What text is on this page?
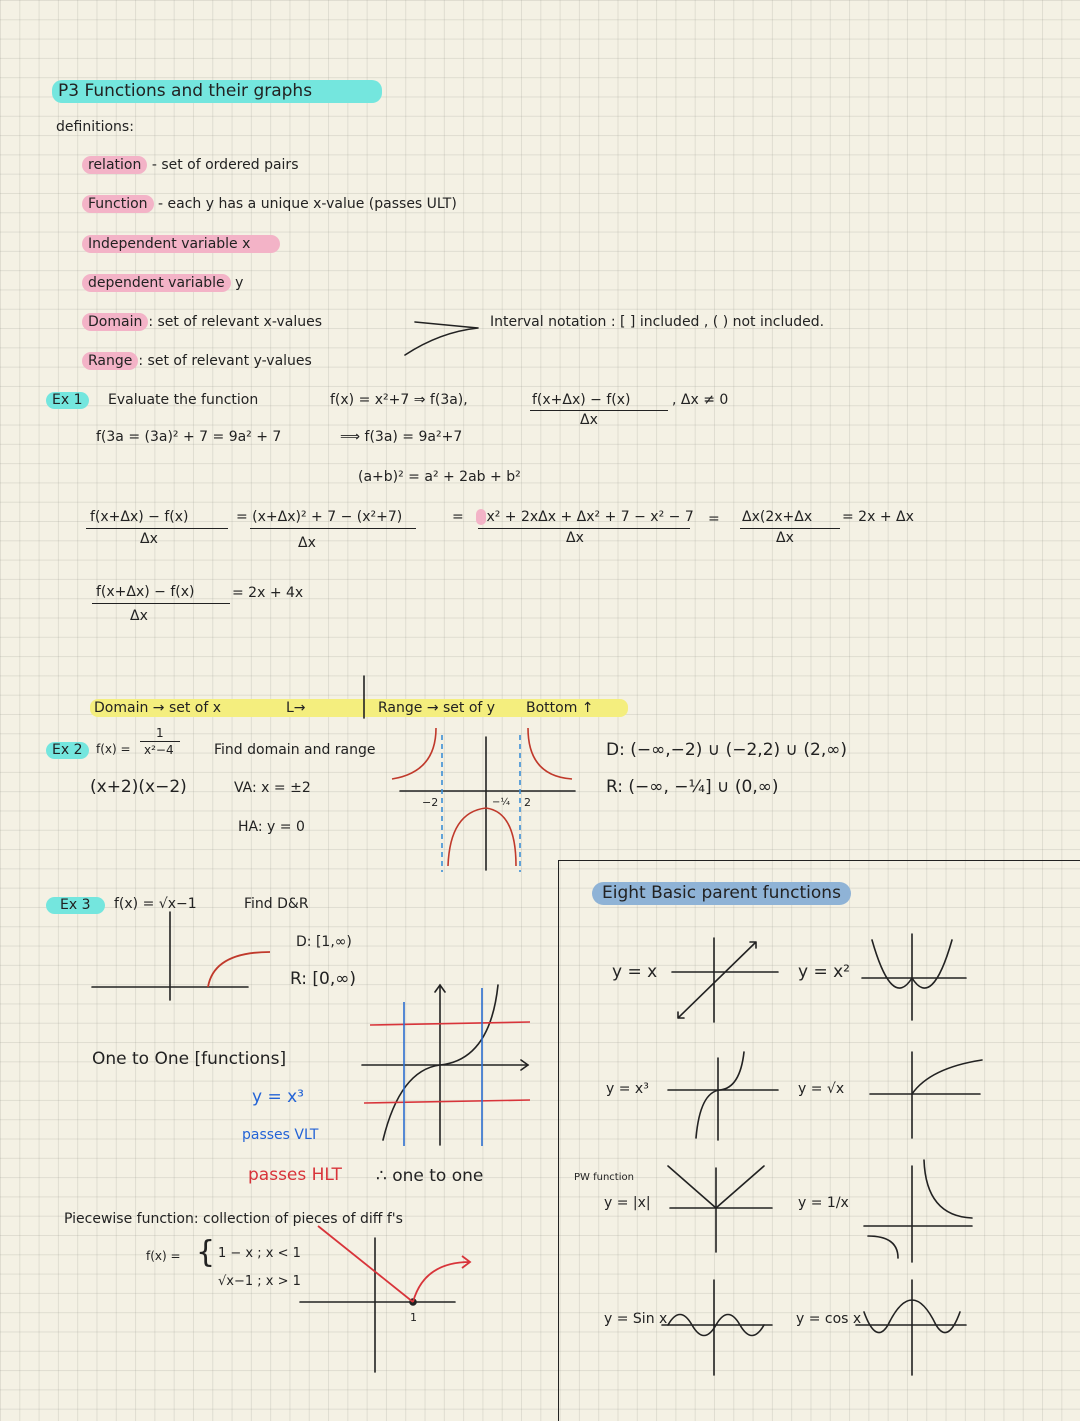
P3 Functions and their graphs
definitions:
relation - set of ordered pairs
Function - each y has a unique x-value (passes ULT)
Independent variable x
dependent variable y
Domain : set of relevant x-values
Range : set of relevant y-values
Interval notation : [ ] included , ( ) not included.
Ex 1	Evaluate the function	f(x) = x²+7 ⇒ f(3a),	f(x+Δx) − f(x)
Δx
, Δx ≠ 0
f(3a = (3a)² + 7 = 9a² + 7	⟹ f(3a) = 9a²+7
(a+b)² = a² + 2ab + b²
f(x+Δx) − f(x)
Δx
= (x+Δx)² + 7 − (x²+7)
Δx
=	x² + 2xΔx + Δx² + 7 − x² − 7
Δx
= Δx(2x+Δx
Δx
= 2x + Δx
f(x+Δx) − f(x)
Δx
= 2x + 4x
Domain → set of x	L→	Range → set of y Bottom ↑
Ex 2	f(x) =
1
x²−4
(x+2)(x−2)
Find domain and range
VA: x = ±2
HA: y = 0
−2	−¼ 2
D: (−∞,−2) ∪ (−2,2) ∪ (2,∞)
R: (−∞, −¼] ∪ (0,∞)
Ex 3	f(x) = √x−1	Find D&R
D: [1,∞)
R: [0,∞)
One to One [functions]
y = x³
passes VLT
passes HLT ∴ one to one
Piecewise function: collection of pieces of diff f's
f(x) = { 1 − x ; x < 1
√x−1 ; x > 1
1
Eight Basic parent functions
y = x	y = x²
y = x³	y = √x
PW function
y = |x|	y = 1/x
y = Sin x	y = cos x
